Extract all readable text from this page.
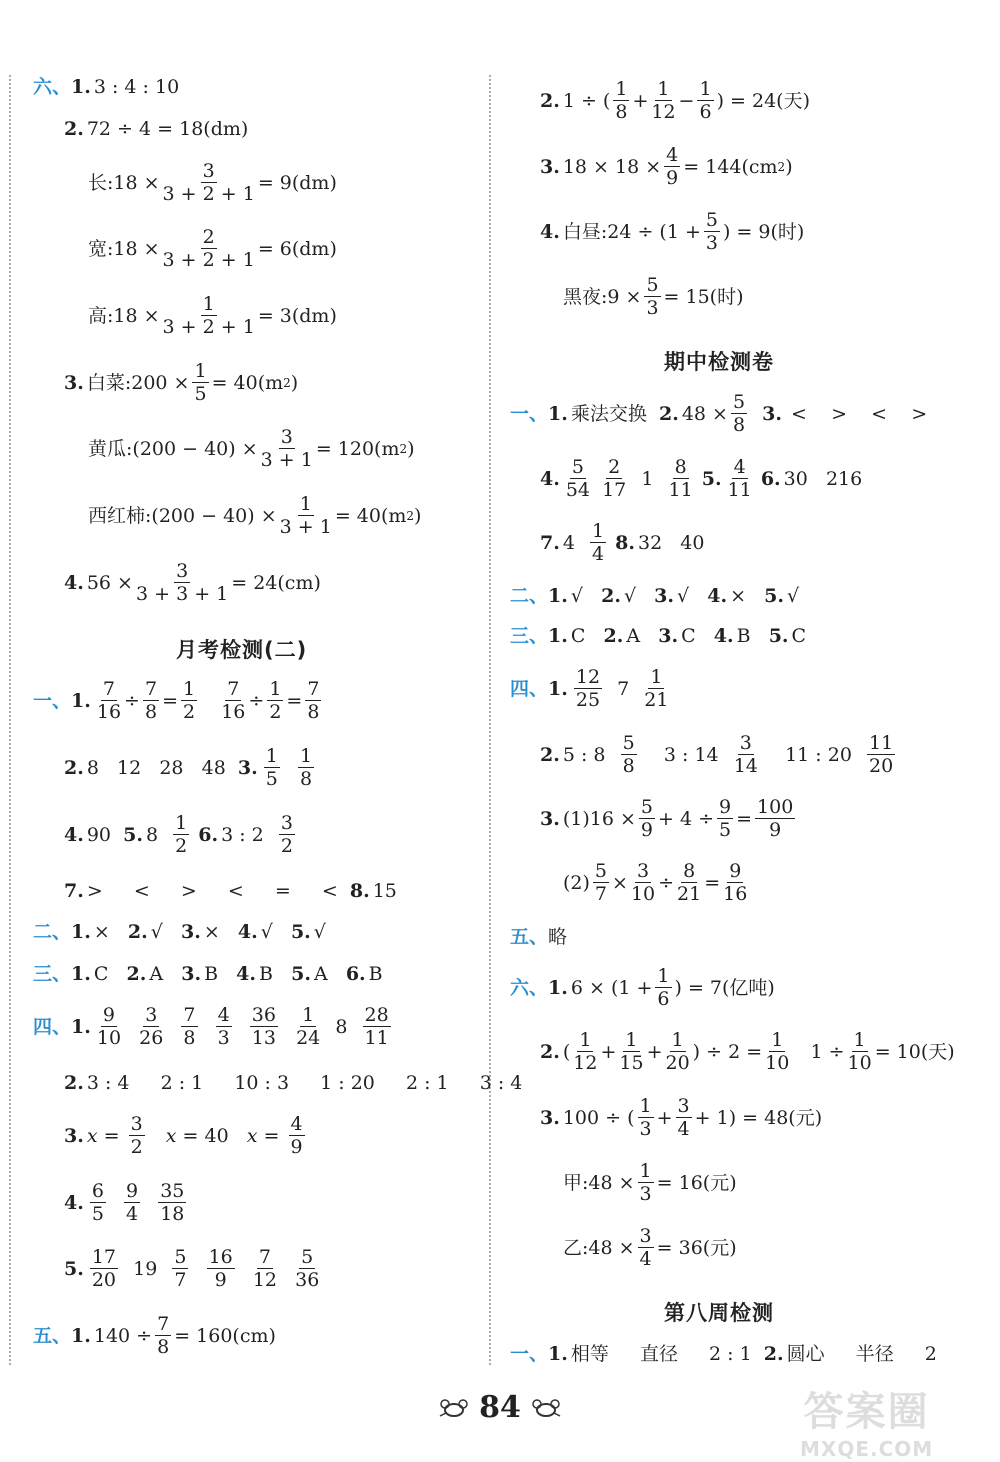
六、 1. 3 : 4 : 10
2. 72 ÷ 4 = 18(dm)
长:18 × $\frac{3}{3 + 2 + 1} = 9(dm)$
宽:18 × $\frac{2}{3 + 2 + 1} = 6(dm)$
高:18 × $\frac{1}{3 + 2 + 1} = 3(dm)$
3. 白菜:200 × $\frac{1}{5} = 40(m$ 2 )
黄瓜:(200 − $40) \times \frac{3}{3 + 1} = 120(m$ 2 )
西红柿:(200 − $40) \times \frac{1}{3 + 1} = 40(m$ 2 )
4. $56 \times \frac{3}{3 + 3 + 1} = 24(cm)$
月考检测(二)
一、 1. $\frac{7}{16} \div \frac{7}{8} = \frac{1}{2}$
$\frac{7}{16} \div \frac{1}{2} = \frac{7}{8}$
2. 8   12   28   48 3.
1
5

1
8
4. 90 5. 8
1
2

6. 3 : 2
3
2
7. > 　 < 　 > 　 < 　 = 　 <
8. 15
二、 1. ×
2. √
3. ×
4. √
5. √
三、 1. C
2. A
3. B
4. B
5. A
6. B
四、 1.
9
10

3
26

7
8

4
3

36
13

1
24
8
28
11
2. 3 : 4 　 2 : 1 　 10 : 3 　 1 : 20 　 2 : 1 　 3 : 4
3. $x = \frac{3}{2}$	x = 40   $x = \frac{4}{9}$
4.
6
5

9
4

35
18
5.
17
20
19
5
7

16
9

7
12

5
36
五、 1. $140 \div \frac{7}{8} = 160(cm)$
2. 1 ÷ (
1
8
+ $\frac{1}{12} - \frac{1}{6}$ ) = 24(天)
3. $18 \times 18 \times \frac{4}{9} = 144(cm$ 2 )
4. 白昼:24 ÷ ($1 + \frac{5}{3}$ ) = 9(时)
黑夜:9 × $\frac{5}{3} = 15$(时)
期中检测卷
一、 1. 乘法交换
2. $48 \times \frac{5}{8}$
3. <    >    <    >
4.
5
54

2
17
1
8
11

5.
4
11

6. 30   216
7. 4
1
4

8. 32   40
二、 1. √
2. √
3. √
4. ×
5. √
三、 1. C
2. A
3. C
4. B
5. C
四、 1.
12
25
7
1
21
2. 5 : 8

5
8

3 : 14

3
14

11 : 20

11
20
3. $(1)16 \times \frac{5}{9} + 4 \div \frac{9}{5} = \frac{100}{9}$
$(2) \frac{5}{7} \times \frac{3}{10} \div \frac{8}{21} = \frac{9}{16}$
五、 略
六、 1. $6 \times (1 + \frac{1}{6}$ ) = 7(亿吨)
2. (
1
12
+ $\frac{1}{15} + \frac{1}{20}$ ) ÷ $2 = \frac{1}{10} 1 \div \frac{1}{10} = 10$(天)
3. 100 ÷ (
1
3
+ $\frac{3}{4} + 1) = 48$(元)
甲:48 × $\frac{1}{3} = 16$(元)
乙:48 × $\frac{3}{4} = 36$(元)
第八周检测
一、 1. 相等 　 直径 　 2 : 1
2. 圆心 　 半径 　 2
84	答案圈
MXQE.COM
